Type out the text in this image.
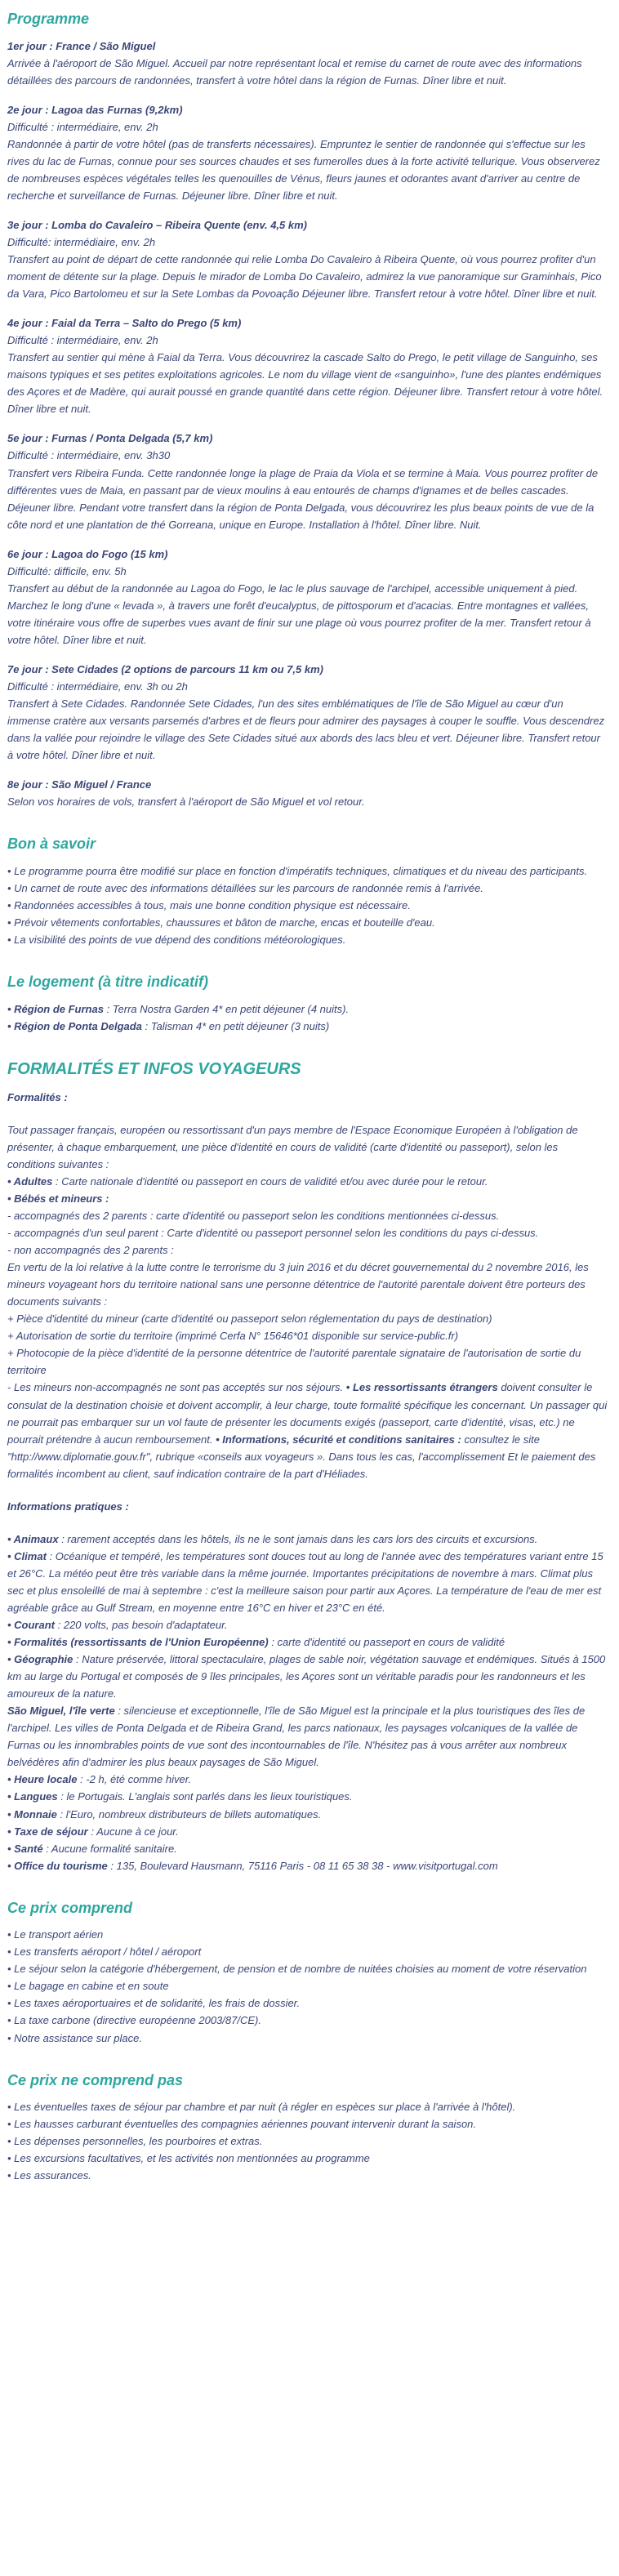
Programme

1er jour : France / São Miguel

Arrivée à l'aéroport de São Miguel. Accueil par notre représentant local et remise du carnet de route avec des informations détaillées des parcours de randonnées, transfert à votre hôtel dans la région de Furnas. Dîner libre et nuit.

2e jour : Lagoa das Furnas (9,2km)

Difficulté : intermédiaire, env. 2h

Randonnée à partir de votre hôtel (pas de transferts nécessaires). Empruntez le sentier de randonnée qui s'effectue sur les rives du lac de Furnas, connue pour ses sources chaudes et ses fumerolles dues à la forte activité tellurique. Vous observerez de nombreuses espèces végétales telles les quenouilles de Vénus, fleurs jaunes et odorantes avant d'arriver au centre de recherche et surveillance de Furnas. Déjeuner libre. Dîner libre et nuit.

3e jour : Lomba do Cavaleiro – Ribeira Quente (env. 4,5 km)

Difficulté: intermédiaire, env. 2h

Transfert au point de départ de cette randonnée qui relie Lomba Do Cavaleiro à Ribeira Quente, où vous pourrez profiter d'un moment de détente sur la plage. Depuis le mirador de Lomba Do Cavaleiro, admirez la vue panoramique sur Graminhais, Pico da Vara, Pico Bartolomeu et sur la Sete Lombas da Povoação Déjeuner libre. Transfert retour à votre hôtel. Dîner libre et nuit.

4e jour : Faial da Terra – Salto do Prego (5 km)

Difficulté : intermédiaire, env. 2h

Transfert au sentier qui mène à Faial da Terra. Vous découvrirez la cascade Salto do Prego, le petit village de Sanguinho, ses maisons typiques et ses petites exploitations agricoles. Le nom du village vient de «sanguinho», l'une des plantes endémiques des Açores et de Madère, qui aurait poussé en grande quantité dans cette région. Déjeuner libre. Transfert retour à votre hôtel. Dîner libre et nuit.

5e jour : Furnas / Ponta Delgada (5,7 km)

Difficulté : intermédiaire, env. 3h30

Transfert vers Ribeira Funda. Cette randonnée longe la plage de Praia da Viola et se termine à Maia. Vous pourrez profiter de différentes vues de Maia, en passant par de vieux moulins à eau entourés de champs d'ignames et de belles cascades. Déjeuner libre. Pendant votre transfert dans la région de Ponta Delgada, vous découvrirez les plus beaux points de vue de la côte nord et une plantation de thé Gorreana, unique en Europe. Installation à l'hôtel. Dîner libre. Nuit.

6e jour : Lagoa do Fogo (15 km)

Difficulté: difficile, env. 5h

Transfert au début de la randonnée au Lagoa do Fogo, le lac le plus sauvage de l'archipel, accessible uniquement à pied. Marchez le long d'une « levada », à travers une forêt d'eucalyptus, de pittosporum et d'acacias. Entre montagnes et vallées, votre itinéraire vous offre de superbes vues avant de finir sur une plage où vous pourrez profiter de la mer. Transfert retour à votre hôtel. Dîner libre et nuit.

7e jour : Sete Cidades (2 options de parcours 11 km ou 7,5 km)

Difficulté : intermédiaire, env. 3h ou 2h

Transfert à Sete Cidades. Randonnée Sete Cidades, l'un des sites emblématiques de l'île de São Miguel au cœur d'un immense cratère aux versants parsemés d'arbres et de fleurs pour admirer des paysages à couper le souffle. Vous descendrez dans la vallée pour rejoindre le village des Sete Cidades situé aux abords des lacs bleu et vert. Déjeuner libre. Transfert retour à votre hôtel. Dîner libre et nuit.

8e jour : São Miguel / France

Selon vos horaires de vols, transfert à l'aéroport de São Miguel et vol retour.

Bon à savoir

• Le programme pourra être modifié sur place en fonction d'impératifs techniques, climatiques et du niveau des participants.

• Un carnet de route avec des informations détaillées sur les parcours de randonnée remis à l'arrivée.

• Randonnées accessibles à tous, mais une bonne condition physique est nécessaire.

• Prévoir vêtements confortables, chaussures et bâton de marche, encas et bouteille d'eau.

• La visibilité des points de vue dépend des conditions météorologiques.

Le logement (à titre indicatif)

• Région de Furnas : Terra Nostra Garden 4* en petit déjeuner (4 nuits).

• Région de Ponta Delgada : Talisman 4* en petit déjeuner (3 nuits)

FORMALITÉS ET INFOS VOYAGEURS

Formalités :

Tout passager français, européen ou ressortissant d'un pays membre de l'Espace Economique Européen à l'obligation de présenter, à chaque embarquement, une pièce d'identité en cours de validité (carte d'identité ou passeport), selon les conditions suivantes :

• Adultes : Carte nationale d'identité ou passeport en cours de validité et/ou avec durée pour le retour.

• Bébés et mineurs :

- accompagnés des 2 parents : carte d'identité ou passeport selon les conditions mentionnées ci-dessus.

- accompagnés d'un seul parent : Carte d'identité ou passeport personnel selon les conditions du pays ci-dessus.

- non accompagnés des 2 parents :

En vertu de la loi relative à la lutte contre le terrorisme du 3 juin 2016 et du décret gouvernemental du 2 novembre 2016, les mineurs voyageant hors du territoire national sans une personne détentrice de l'autorité parentale doivent être porteurs des documents suivants :

+ Pièce d'identité du mineur (carte d'identité ou passeport selon réglementation du pays de destination)

+ Autorisation de sortie du territoire (imprimé Cerfa N° 15646*01 disponible sur service-public.fr)

+ Photocopie de la pièce d'identité de la personne détentrice de l'autorité parentale signataire de l'autorisation de sortie du territoire

- Les mineurs non-accompagnés ne sont pas acceptés sur nos séjours. • Les ressortissants étrangers doivent consulter le consulat de la destination choisie et doivent accomplir, à leur charge, toute formalité spécifique les concernant. Un passager qui ne pourrait pas embarquer sur un vol faute de présenter les documents exigés (passeport, carte d'identité, visas, etc.) ne pourrait prétendre à aucun remboursement. • Informations, sécurité et conditions sanitaires : consultez le site "http://www.diplomatie.gouv.fr", rubrique «conseils aux voyageurs ». Dans tous les cas, l'accomplissement Et le paiement des formalités incombent au client, sauf indication contraire de la part d'Héliades.

Informations pratiques :

• Animaux : rarement acceptés dans les hôtels, ils ne le sont jamais dans les cars lors des circuits et excursions.

• Climat : Océanique et tempéré, les températures sont douces tout au long de l'année avec des températures variant entre 15 et 26°C. La météo peut être très variable dans la même journée. Importantes précipitations de novembre à mars. Climat plus sec et plus ensoleillé de mai à septembre : c'est la meilleure saison pour partir aux Açores. La température de l'eau de mer est agréable grâce au Gulf Stream, en moyenne entre 16°C en hiver et 23°C en été.

• Courant : 220 volts, pas besoin d'adaptateur.

• Formalités (ressortissants de l'Union Européenne) : carte d'identité ou passeport en cours de validité

• Géographie : Nature préservée, littoral spectaculaire, plages de sable noir, végétation sauvage et endémiques. Situés à 1500 km au large du Portugal et composés de 9 îles principales, les Açores sont un véritable paradis pour les randonneurs et les amoureux de la nature.

São Miguel, l'île verte : silencieuse et exceptionnelle, l'île de São Miguel est la principale et la plus touristiques des îles de l'archipel. Les villes de Ponta Delgada et de Ribeira Grand, les parcs nationaux, les paysages volcaniques de la vallée de Furnas ou les innombrables points de vue sont des incontournables de l'île. N'hésitez pas à vous arrêter aux nombreux belvédères afin d'admirer les plus beaux paysages de São Miguel.

• Heure locale : -2 h, été comme hiver.

• Langues : le Portugais. L'anglais sont parlés dans les lieux touristiques.

• Monnaie : l'Euro, nombreux distributeurs de billets automatiques.

• Taxe de séjour : Aucune à ce jour.

• Santé : Aucune formalité sanitaire.

• Office du tourisme : 135, Boulevard Hausmann, 75116 Paris - 08 11 65 38 38 - www.visitportugal.com

Ce prix comprend

• Le transport aérien

• Les transferts aéroport / hôtel / aéroport

• Le séjour selon la catégorie d'hébergement, de pension et de nombre de nuitées choisies au moment de votre réservation

• Le bagage en cabine et en soute

• Les taxes aéroportuaires et de solidarité, les frais de dossier.

• La taxe carbone (directive européenne 2003/87/CE).

• Notre assistance sur place.

Ce prix ne comprend pas

• Les éventuelles taxes de séjour par chambre et par nuit (à régler en espèces sur place à l'arrivée à l'hôtel).

• Les hausses carburant éventuelles des compagnies aériennes pouvant intervenir durant la saison.

• Les dépenses personnelles, les pourboires et extras.

• Les excursions facultatives, et les activités non mentionnées au programme

• Les assurances.
